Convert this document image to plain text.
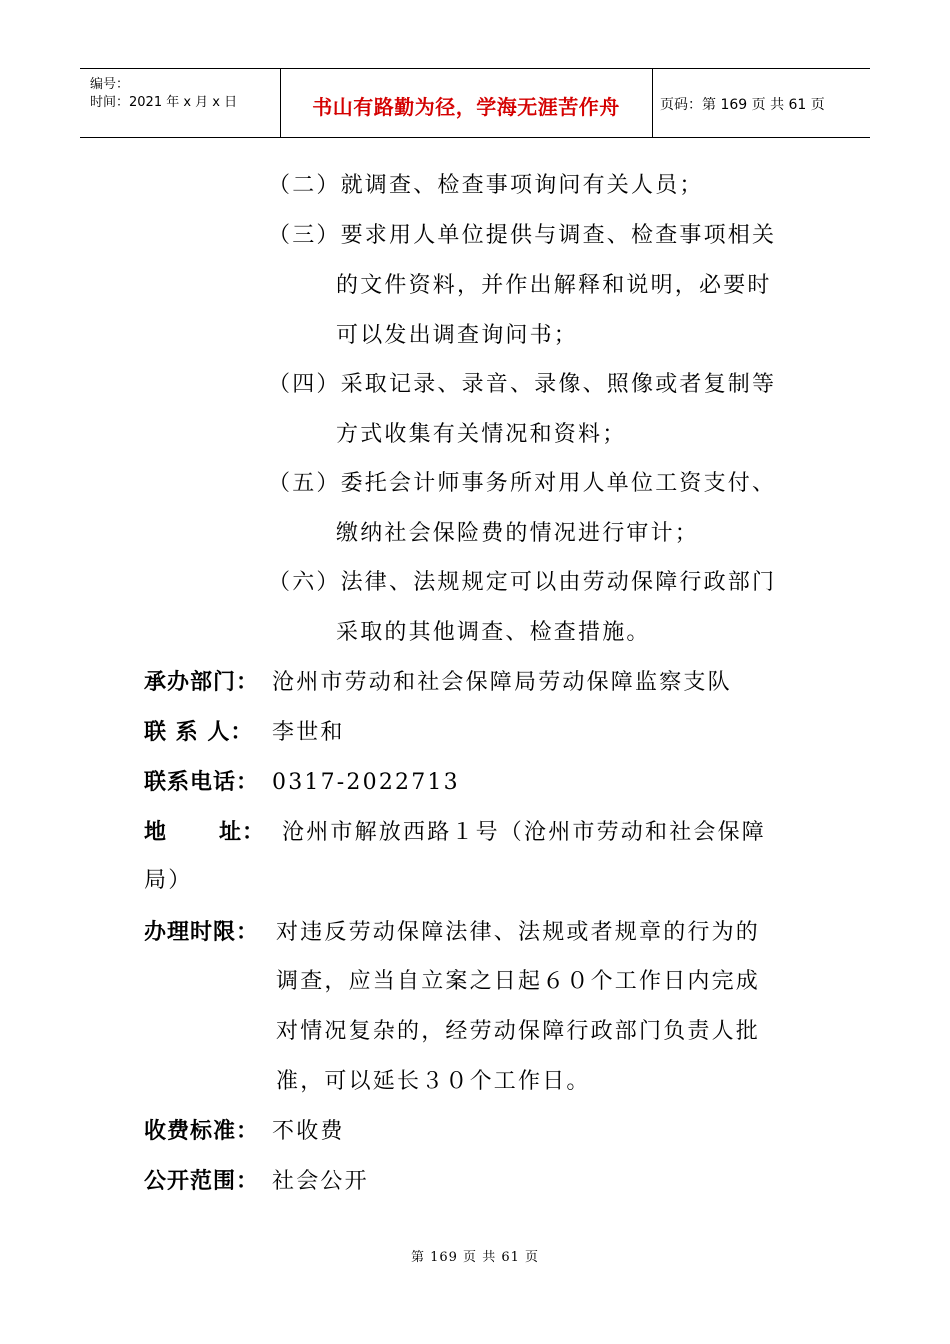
编号：
时间：2021 年 x 月 x 日	书山有路勤为径，学海无涯苦作舟	页码：第 169 页 共 61 页
（二）就调查、检查事项询问有关人员；
（三）要求用人单位提供与调查、检查事项相关
的文件资料，并作出解释和说明，必要时
可以发出调查询问书；
（四）采取记录、录音、录像、照像或者复制等
方式收集有关情况和资料；
（五）委托会计师事务所对用人单位工资支付、
缴纳社会保险费的情况进行审计；
（六）法律、法规规定可以由劳动保障行政部门
采取的其他调查、检查措施。
承办部门： 沧州市劳动和社会保障局劳动保障监察支队
联 系 人： 李世和
联系电话： 0317-2022713
地      址： 沧州市解放西路１号（沧州市劳动和社会保障
局）
办理时限： 对违反劳动保障法律、法规或者规章的行为的
调查，应当自立案之日起６０个工作日内完成
对情况复杂的，经劳动保障行政部门负责人批
准，可以延长３０个工作日。
收费标准： 不收费
公开范围： 社会公开
第 169 页 共 61 页
